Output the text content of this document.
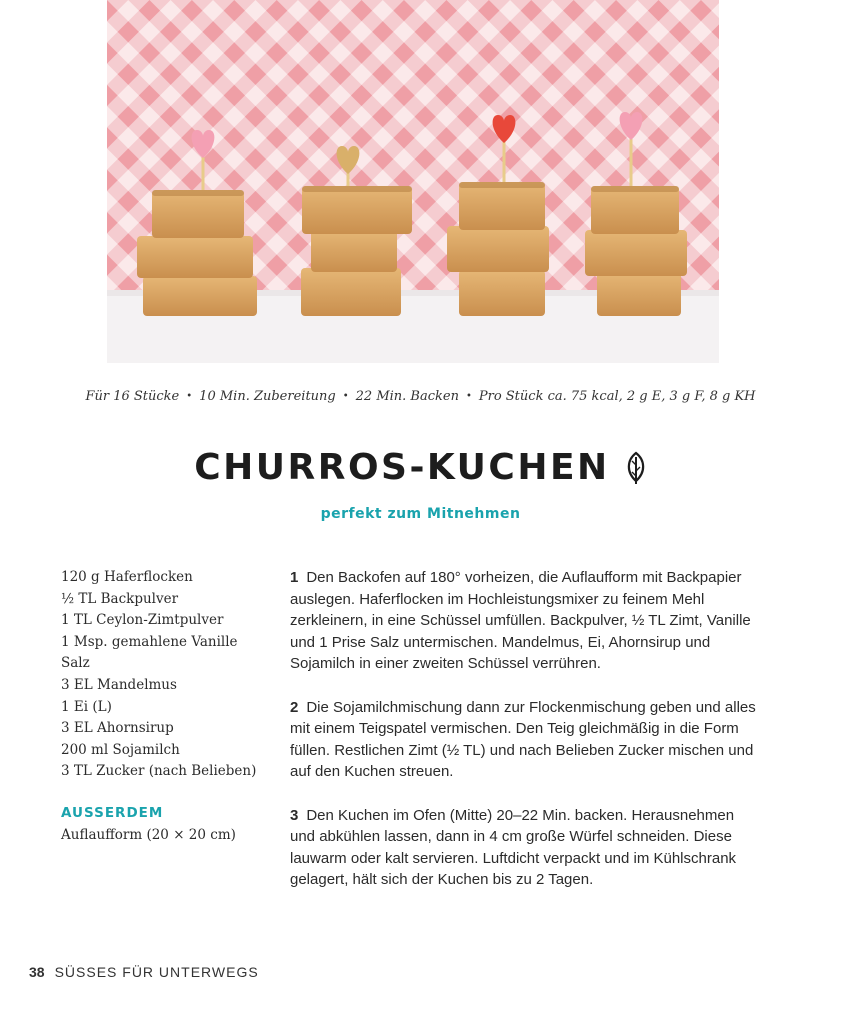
Für 16 Stücke • 10 Min. Zubereitung • 22 Min. Backen • Pro Stück ca. 75 kcal, 2 g E, 3 g F, 8 g KH
CHURROS-KUCHEN
perfekt zum Mitnehmen
120 g Haferflocken
½ TL Backpulver
1 TL Ceylon-Zimtpulver
1 Msp. gemahlene Vanille
Salz
3 EL Mandelmus
1 Ei (L)
3 EL Ahornsirup
200 ml Sojamilch
3 TL Zucker (nach Belieben)
AUSSERDEM
Auflaufform (20 × 20 cm)

1 Den Backofen auf 180° vorheizen, die Auflaufform mit Backpapier auslegen. Haferflocken im Hochleistungsmixer zu feinem Mehl zerkleinern, in eine Schüssel umfüllen. Backpulver, ½ TL Zimt, Vanille und 1 Prise Salz untermischen. Mandelmus, Ei, Ahornsirup und Sojamilch in einer zweiten Schüssel verrühren.

2 Die Sojamilchmischung dann zur Flockenmischung geben und alles mit einem Teigspatel vermischen. Den Teig gleichmäßig in die Form füllen. Restlichen Zimt (½ TL) und nach Belieben Zucker mischen und auf den Kuchen streuen.

3 Den Kuchen im Ofen (Mitte) 20–22 Min. backen. Herausnehmen und abkühlen lassen, dann in 4 cm große Würfel schneiden. Diese lauwarm oder kalt servieren. Luftdicht verpackt und im Kühlschrank gelagert, hält sich der Kuchen bis zu 2 Tagen.

38 SÜSSES FÜR UNTERWEGS
